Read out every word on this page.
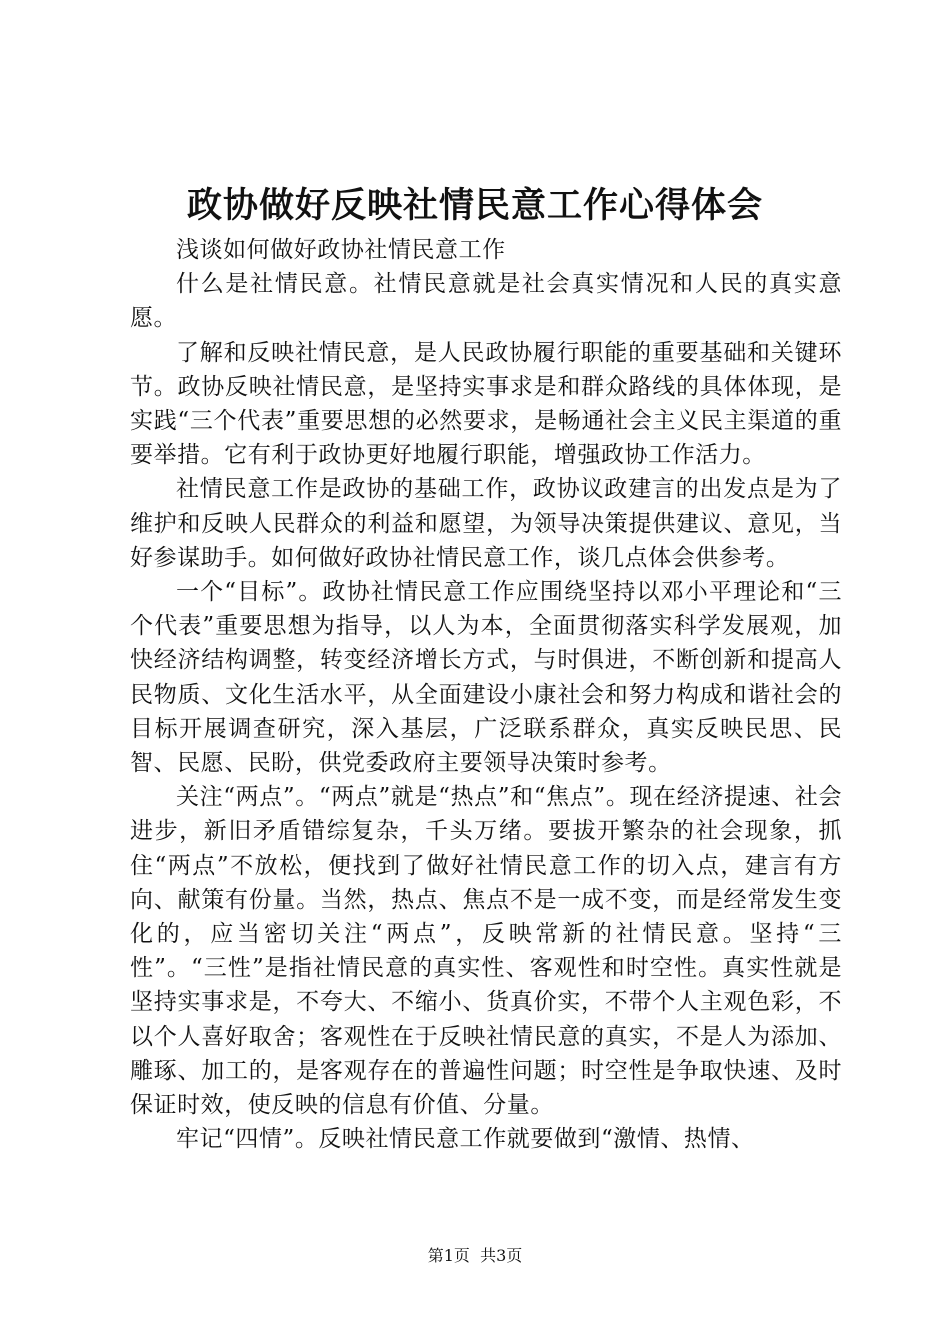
政协做好反映社情民意工作心得体会

浅谈如何做好政协社情民意工作

什么是社情民意。社情民意就是社会真实情况和人民的真实意愿。

了解和反映社情民意，是人民政协履行职能的重要基础和关键环节。政协反映社情民意，是坚持实事求是和群众路线的具体体现，是实践“三个代表”重要思想的必然要求，是畅通社会主义民主渠道的重要举措。它有利于政协更好地履行职能，增强政协工作活力。

社情民意工作是政协的基础工作，政协议政建言的出发点是为了维护和反映人民群众的利益和愿望，为领导决策提供建议、意见，当好参谋助手。如何做好政协社情民意工作，谈几点体会供参考。

一个“目标”。政协社情民意工作应围绕坚持以邓小平理论和“三个代表”重要思想为指导，以人为本，全面贯彻落实科学发展观，加快经济结构调整，转变经济增长方式，与时俱进，不断创新和提高人民物质、文化生活水平，从全面建设小康社会和努力构成和谐社会的目标开展调查研究，深入基层，广泛联系群众，真实反映民思、民智、民愿、民盼，供党委政府主要领导决策时参考。

关注“两点”。“两点”就是“热点”和“焦点”。现在经济提速、社会进步，新旧矛盾错综复杂，千头万绪。要拔开繁杂的社会现象，抓住“两点”不放松，便找到了做好社情民意工作的切入点，建言有方向、献策有份量。当然，热点、焦点不是一成不变，而是经常发生变化的，应当密切关注“两点”，反映常新的社情民意。坚持“三性”。“三性”是指社情民意的真实性、客观性和时空性。真实性就是坚持实事求是，不夸大、不缩小、货真价实，不带个人主观色彩，不以个人喜好取舍；客观性在于反映社情民意的真实，不是人为添加、雕琢、加工的，是客观存在的普遍性问题；时空性是争取快速、及时保证时效，使反映的信息有价值、分量。

牢记“四情”。反映社情民意工作就要做到“激情、热情、

第1页 共3页
